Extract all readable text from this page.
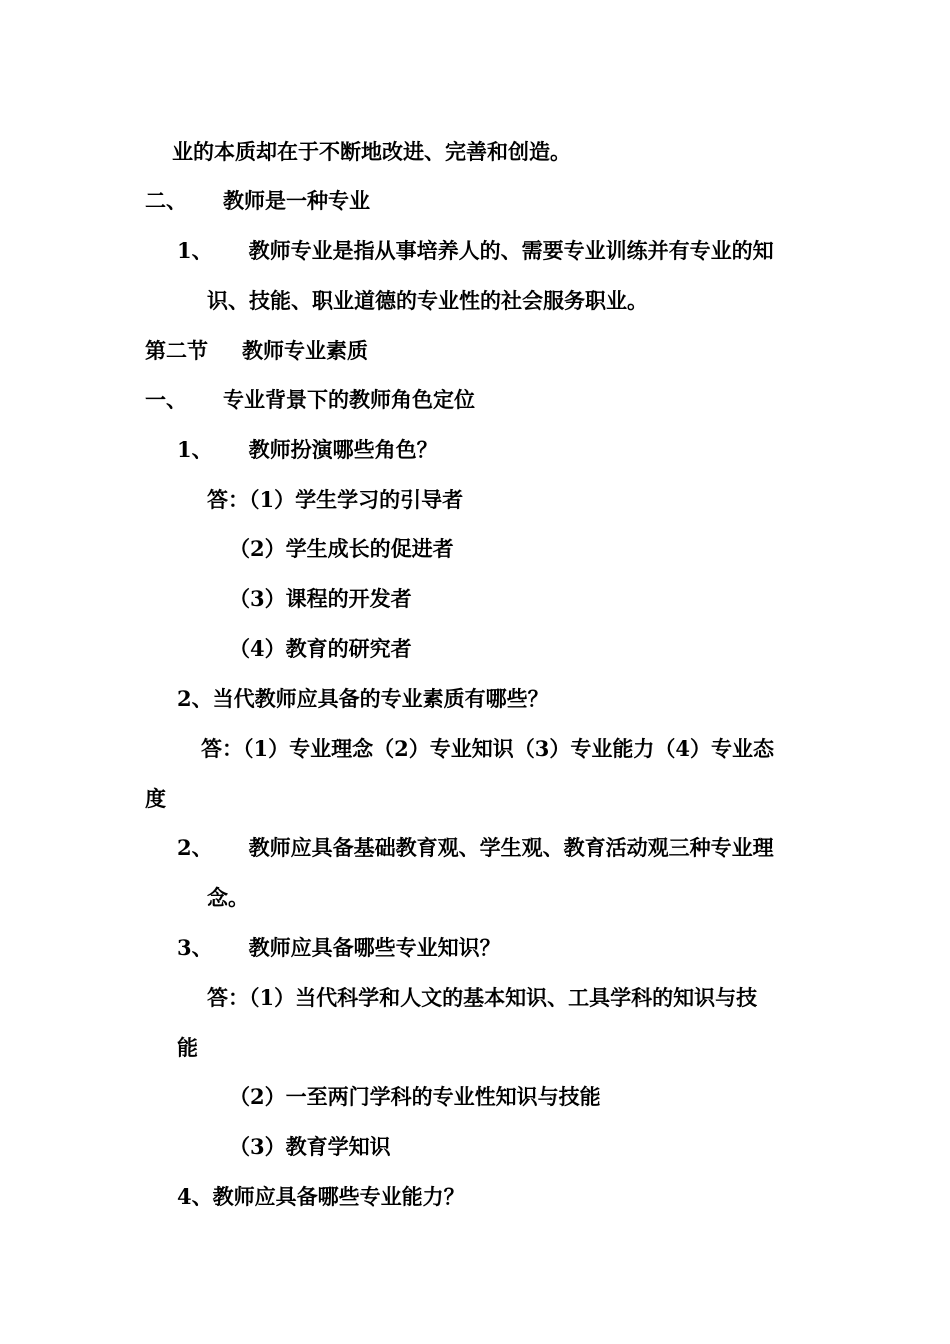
业的本质却在于不断地改进、完善和创造。
二、 教师是一种专业
1、 教师专业是指从事培养人的、需要专业训练并有专业的知
识、技能、职业道德的专业性的社会服务职业。
第二节 教师专业素质
一、 专业背景下的教师角色定位
1、 教师扮演哪些角色？
答：（1）学生学习的引导者
（2）学生成长的促进者
（3）课程的开发者
（4）教育的研究者
2、当代教师应具备的专业素质有哪些？
答：（1）专业理念（2）专业知识（3）专业能力（4）专业态
度
2、 教师应具备基础教育观、学生观、教育活动观三种专业理
念。
3、 教师应具备哪些专业知识？
答：（1）当代科学和人文的基本知识、工具学科的知识与技
能
（2）一至两门学科的专业性知识与技能
（3）教育学知识
4、教师应具备哪些专业能力？
